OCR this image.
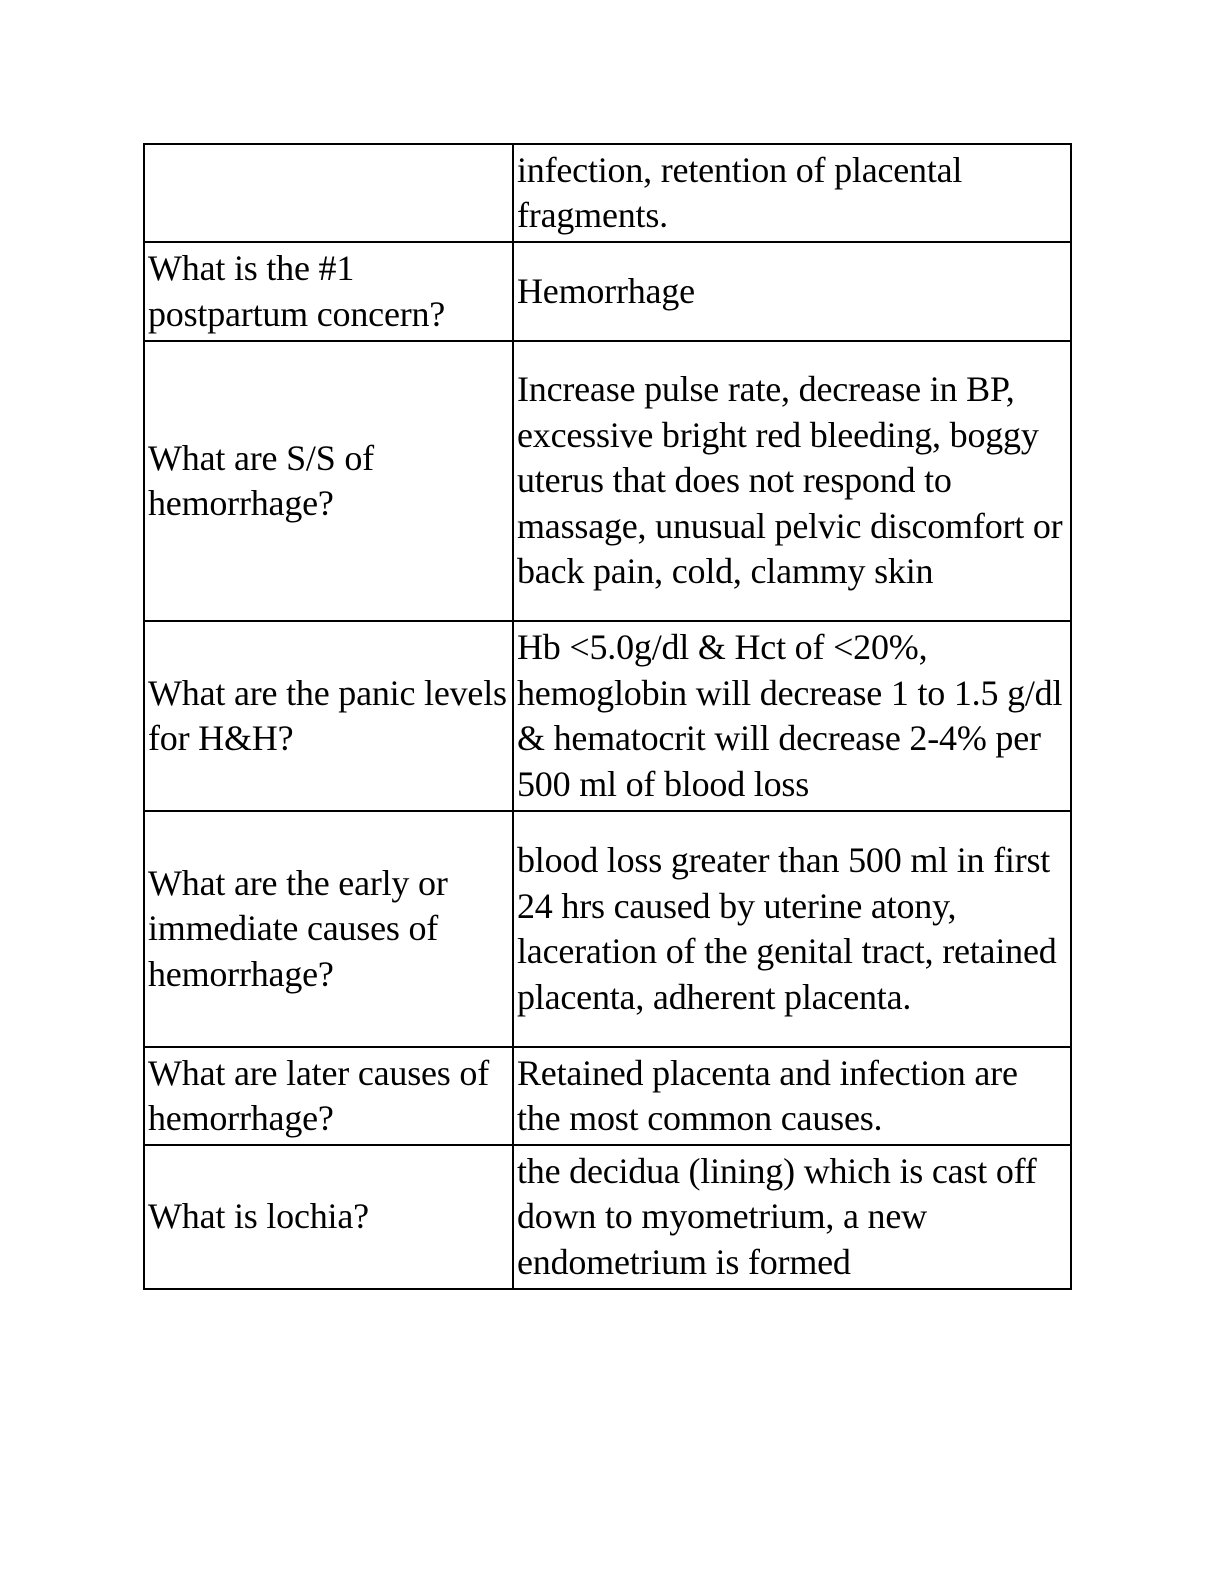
	infection, retention of placental fragments.
What is the #1 postpartum concern?	Hemorrhage
What are S/S of hemorrhage?	Increase pulse rate, decrease in BP, excessive bright red bleeding, boggy uterus that does not respond to massage, unusual pelvic discomfort or back pain, cold, clammy skin
What are the panic levels for H&H?	Hb <5.0g/dl & Hct of <20%, hemoglobin will decrease 1 to 1.5 g/dl & hematocrit will decrease 2-4% per 500 ml of blood loss
What are the early or immediate causes of hemorrhage?	blood loss greater than 500 ml in first 24 hrs caused by uterine atony, laceration of the genital tract, retained placenta, adherent placenta.
What are later causes of hemorrhage?	Retained placenta and infection are the most common causes.
What is lochia?	the decidua (lining) which is cast off down to myometrium, a new endometrium is formed
